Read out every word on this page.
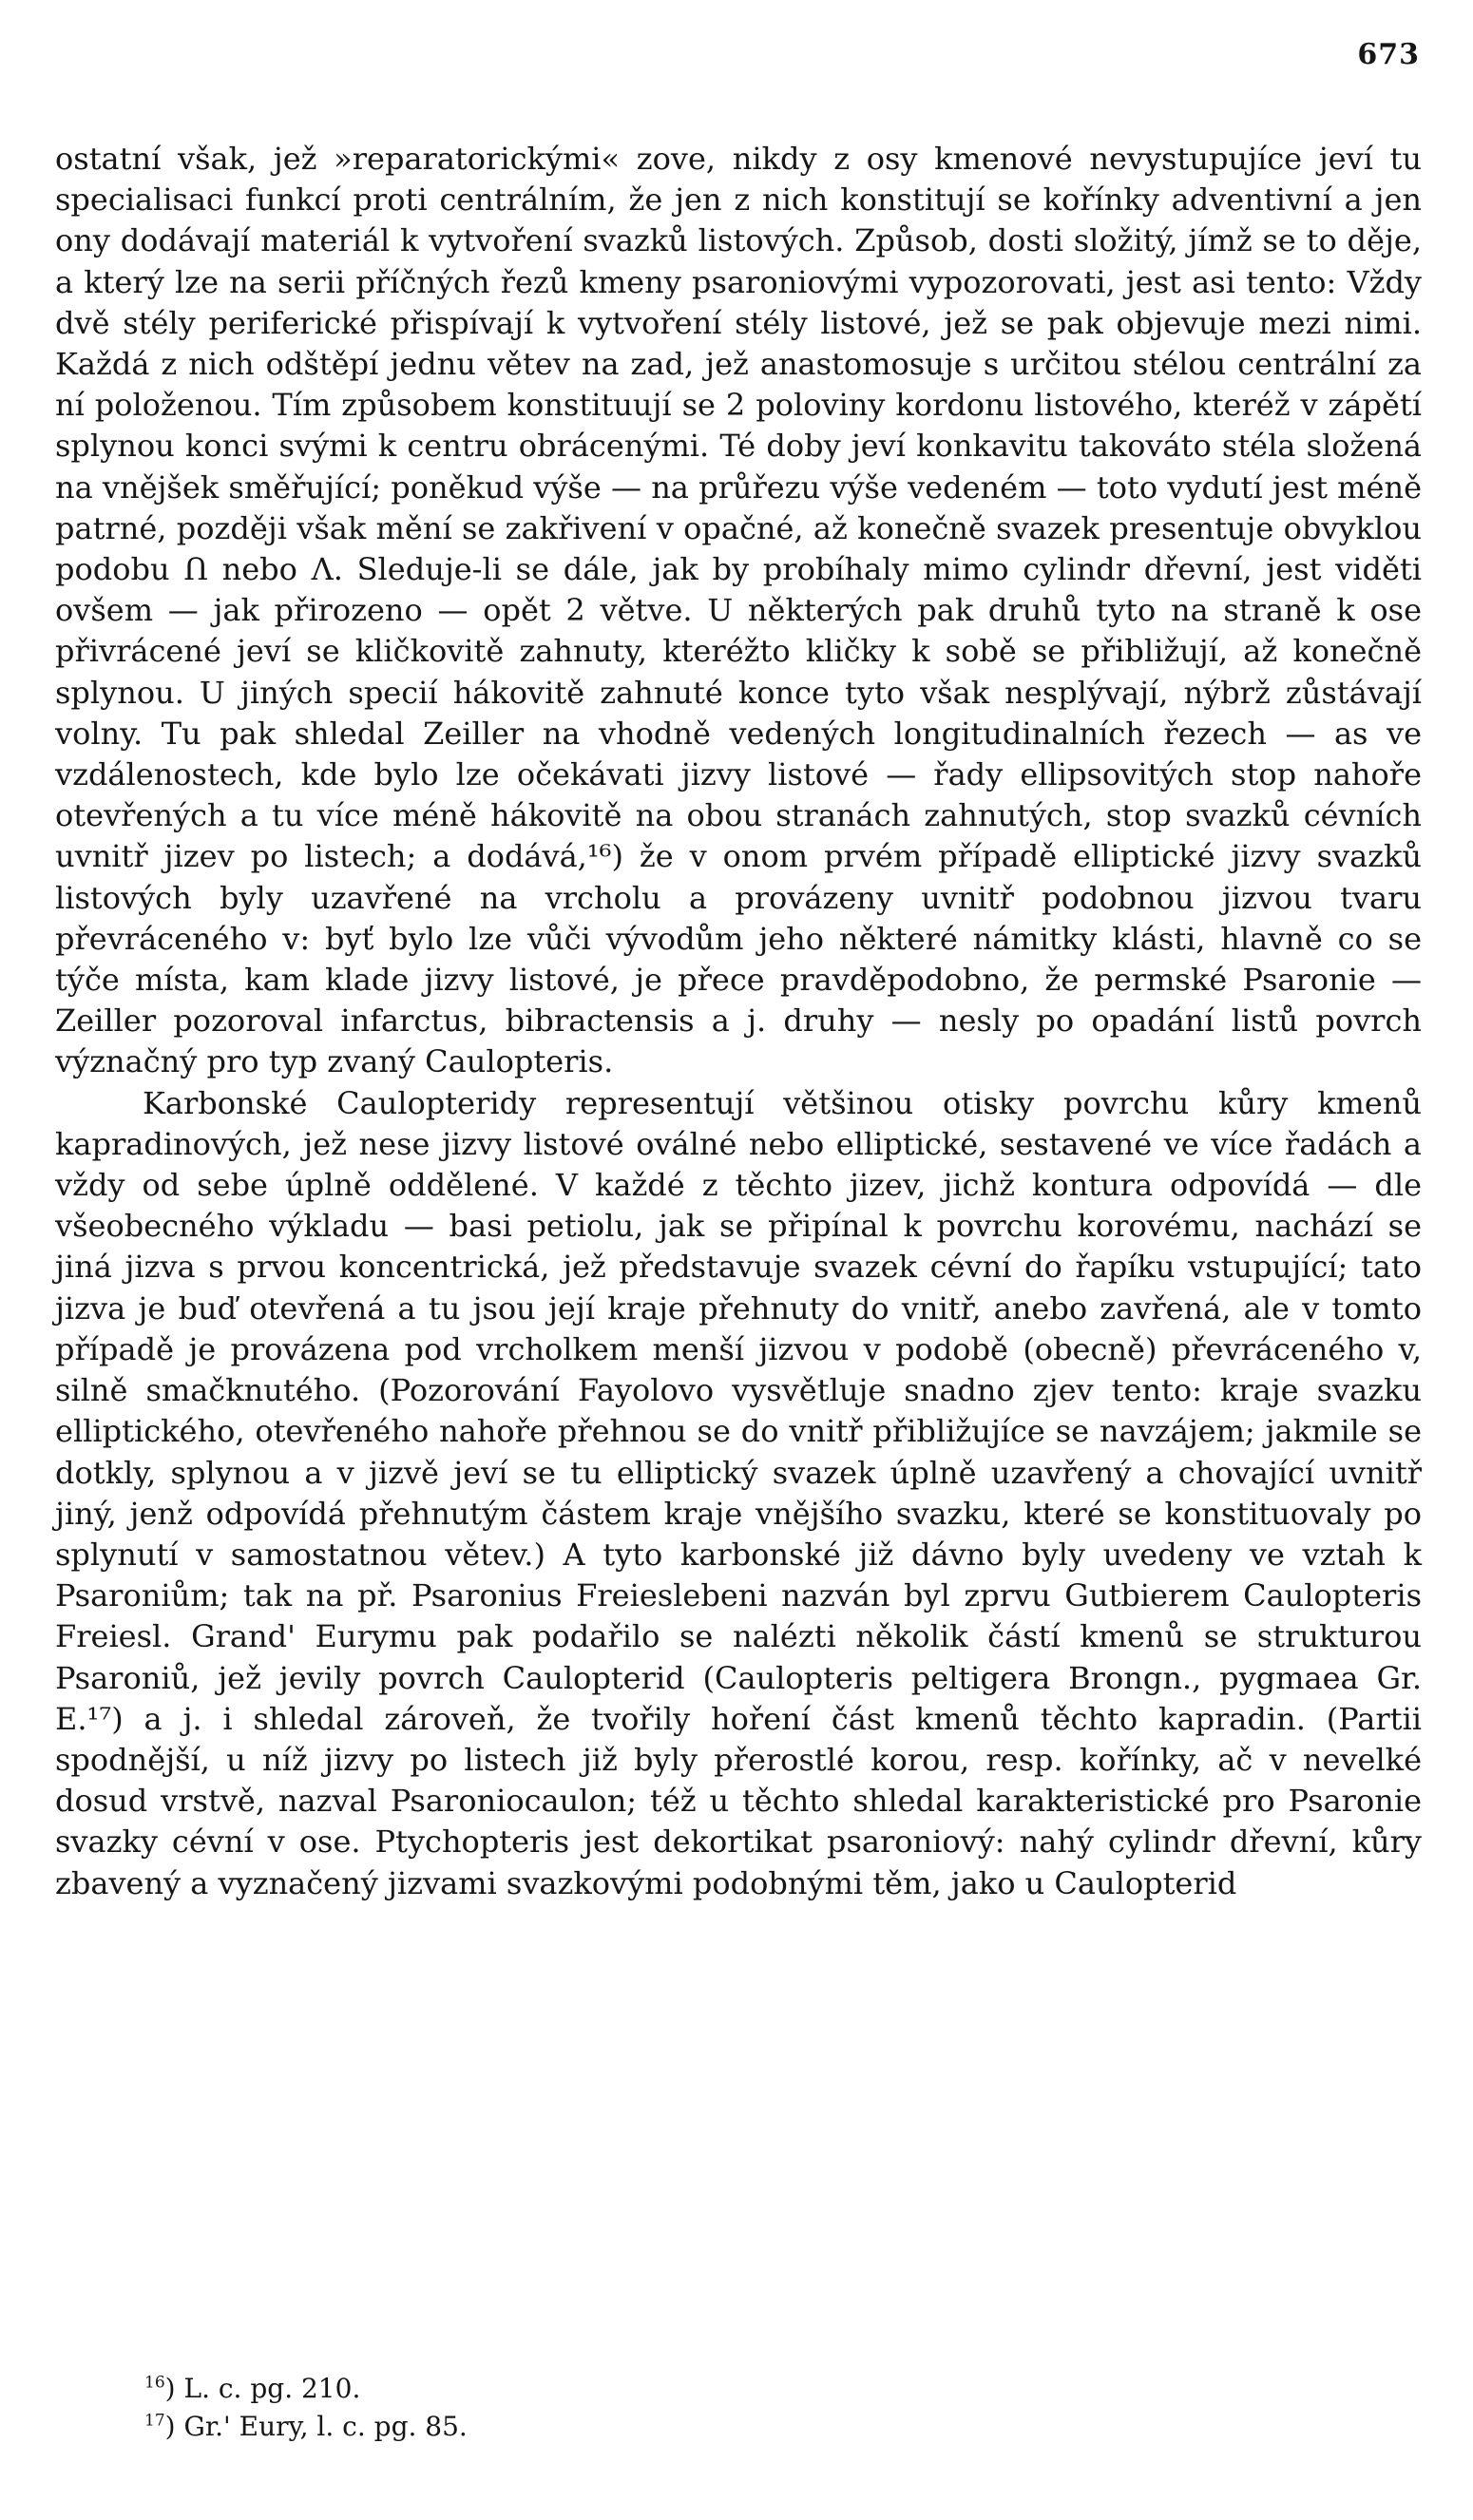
673

ostatní však, jež »reparatorickými« zove, nikdy z osy kmenové nevystupujíce jeví tu specialisaci funkcí proti centrálním, že jen z nich konstitují se kořínky adventivní a jen ony dodávají materiál k vytvoření svazků listových. Způsob, dosti složitý, jímž se to děje, a který lze na serii příčných řezů kmeny psaroniovými vypozorovati, jest asi tento: Vždy dvě stély periferické přispívají k vytvoření stély listové, jež se pak objevuje mezi nimi. Každá z nich odštěpí jednu větev na zad, jež anastomosuje s určitou stélou centrální za ní položenou. Tím způsobem konstituují se 2 poloviny kordonu listového, kteréž v zápětí splynou konci svými k centru obrácenými. Té doby jeví konkavitu takováto stéla složená na vnějšek směřující; poněkud výše — na průřezu výše vedeném — toto vydutí jest méně patrné, později však mění se zakřivení v opačné, až konečně svazek presentuje obvyklou podobu Ո nebo Λ. Sleduje-li se dále, jak by probíhaly mimo cylindr dřevní, jest viděti ovšem — jak přirozeno — opět 2 větve. U některých pak druhů tyto na straně k ose přivrácené jeví se kličkovitě zahnuty, kteréžto kličky k sobě se přibližují, až konečně splynou. U jiných specií hákovitě zahnuté konce tyto však nesplývají, nýbrž zůstávají volny. Tu pak shledal Zeiller na vhodně vedených longitudinalních řezech — as ve vzdálenostech, kde bylo lze očekávati jizvy listové — řady ellipsovitých stop nahoře otevřených a tu více méně hákovitě na obou stranách zahnutých, stop svazků cévních uvnitř jizev po listech; a dodává,¹⁶) že v onom prvém případě elliptické jizvy svazků listových byly uzavřené na vrcholu a provázeny uvnitř podobnou jizvou tvaru převráceného v: byť bylo lze vůči vývodům jeho některé námitky klásti, hlavně co se týče místa, kam klade jizvy listové, je přece pravděpodobno, že permské Psaronie — Zeiller pozoroval infarctus, bibractensis a j. druhy — nesly po opadání listů povrch význačný pro typ zvaný Caulopteris.

Karbonské Caulopteridy representují většinou otisky povrchu kůry kmenů kapradinových, jež nese jizvy listové oválné nebo elliptické, sestavené ve více řadách a vždy od sebe úplně oddělené. V každé z těchto jizev, jichž kontura odpovídá — dle všeobecného výkladu — basi petiolu, jak se připínal k povrchu korovému, nachází se jiná jizva s prvou koncentrická, jež představuje svazek cévní do řapíku vstupující; tato jizva je buď otevřená a tu jsou její kraje přehnuty do vnitř, anebo zavřená, ale v tomto případě je provázena pod vrcholkem menší jizvou v podobě (obecně) převráceného v, silně smačknutého. (Pozorování Fayolovo vysvětluje snadno zjev tento: kraje svazku elliptického, otevřeného nahoře přehnou se do vnitř přibližujíce se navzájem; jakmile se dotkly, splynou a v jizvě jeví se tu elliptický svazek úplně uzavřený a chovající uvnitř jiný, jenž odpovídá přehnutým částem kraje vnějšího svazku, které se konstituovaly po splynutí v samostatnou větev.) A tyto karbonské již dávno byly uvedeny ve vztah k Psaroniům; tak na př. Psaronius Freieslebeni nazván byl zprvu Gutbierem Caulopteris Freiesl. Grand' Eurymu pak podařilo se nalézti několik částí kmenů se strukturou Psaroniů, jež jevily povrch Caulopterid (Caulopteris peltigera Brongn., pygmaea Gr. E.¹⁷) a j. i shledal zároveň, že tvořily hoření část kmenů těchto kapradin. (Partii spodnější, u níž jizvy po listech již byly přerostlé korou, resp. kořínky, ač v nevelké dosud vrstvě, nazval Psaroniocaulon; též u těchto shledal karakteristické pro Psaronie svazky cévní v ose. Ptychopteris jest dekortikat psaroniový: nahý cylindr dřevní, kůry zbavený a vyznačený jizvami svazkovými podobnými těm, jako u Caulopterid

$^{16}$) L. c. pg. 210.
$^{17}$) Gr.' Eury, l. c. pg. 85.
